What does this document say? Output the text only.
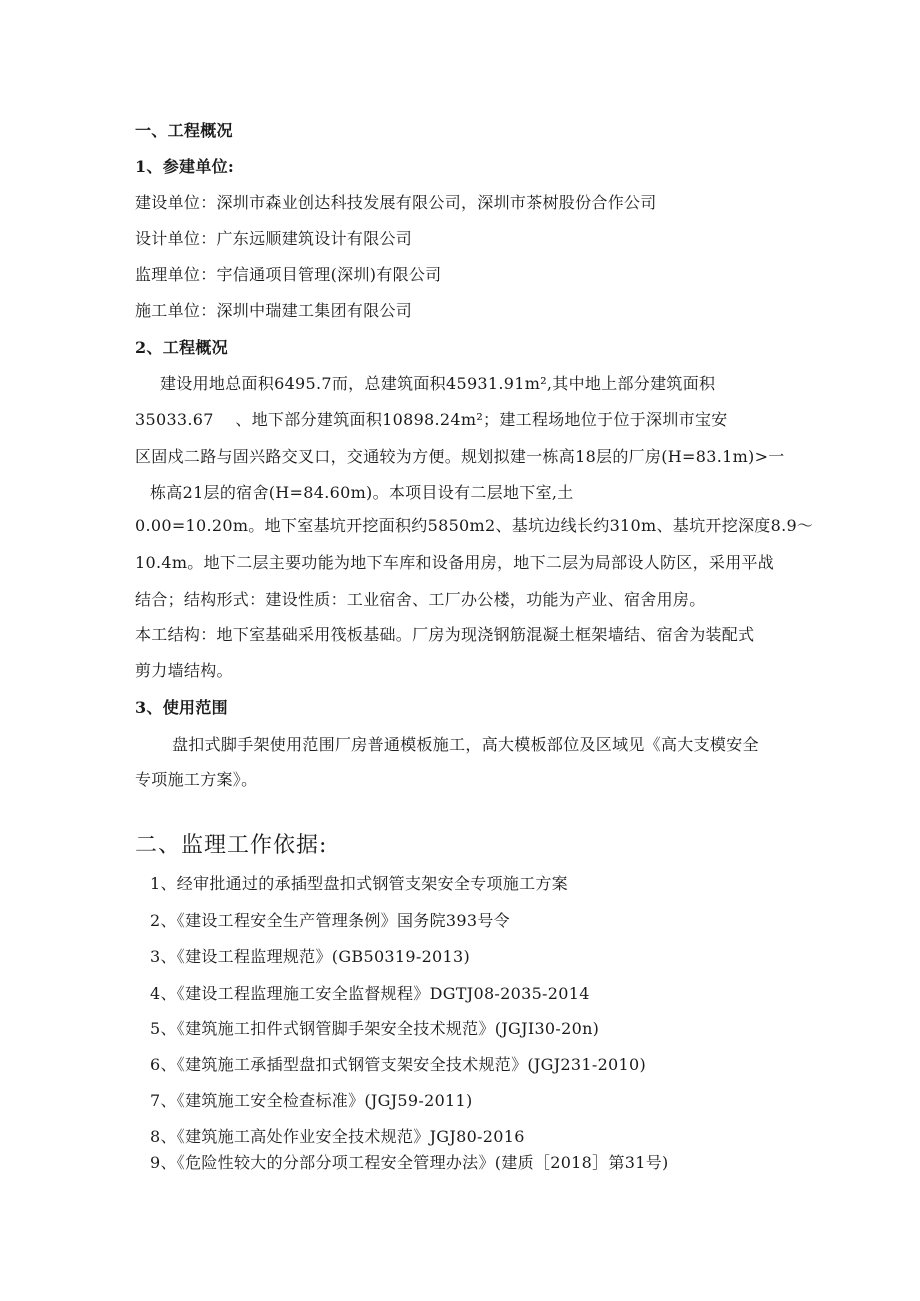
一、工程概况
1、参建单位:
建设单位：深圳市森业创达科技发展有限公司，深圳市茶树股份合作公司
设计单位：广东远顺建筑设计有限公司
监理单位：宇信通项目管理(深圳)有限公司
施工单位：深圳中瑞建工集团有限公司
2、工程概况
建设用地总面积6495.7而，总建筑面积45931.91m²,其中地上部分建筑面积
35033.67　 、地下部分建筑面积10898.24m²；建工程场地位于位于深圳市宝安
区固戍二路与固兴路交叉口，交通较为方便。规划拟建一栋高18层的厂房(H=83.1m)>一
栋高21层的宿舍(H=84.60m)。本项目设有二层地下室,土
0.00=10.20m。地下室基坑开挖面积约5850m2、基坑边线长约310m、基坑开挖深度8.9～
10.4m。地下二层主要功能为地下车库和设备用房，地下二层为局部设人防区，采用平战
结合；结构形式：建设性质：工业宿舍、工厂办公楼，功能为产业、宿舍用房。
本工结构：地下室基础采用筏板基础。厂房为现浇钢筋混凝土框架墙结、宿舍为装配式
剪力墙结构。
3、使用范围
盘扣式脚手架使用范围厂房普通模板施工，高大模板部位及区域见《高大支模安全
专项施工方案》。
二、监理工作依据:
1、经审批通过的承插型盘扣式钢管支架安全专项施工方案
2、《建设工程安全生产管理条例》国务院393号令
3、《建设工程监理规范》(GB50319-2013)
4、《建设工程监理施工安全监督规程》DGTJ08-2035-2014
5、《建筑施工扣件式钢管脚手架安全技术规范》(JGJI30-20n)
6、《建筑施工承插型盘扣式钢管支架安全技术规范》(JGJ231-2010)
7、《建筑施工安全检查标准》(JGJ59-2011)
8、《建筑施工高处作业安全技术规范》JGJ80-2016
9、《危险性较大的分部分项工程安全管理办法》(建质［2018］第31号)
